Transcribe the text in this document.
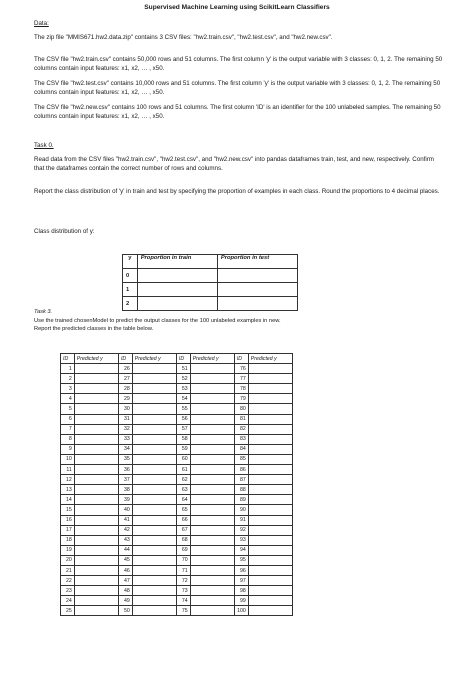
Supervised Machine Learning using ScikitLearn Classifiers
Data:
The zip file "MMIS671.hw2.data.zip" contains 3 CSV files: "hw2.train.csv", "hw2.test.csv", and "hw2.new.csv".
The CSV file "hw2.train.csv" contains 50,000 rows and 51 columns. The first column 'y' is the output variable with 3 classes: 0, 1, 2. The remaining 50 columns contain input features: x1, x2, … , x50.
The CSV file "hw2.test.csv" contains 10,000 rows and 51 columns. The first column 'y' is the output variable with 3 classes: 0, 1, 2. The remaining 50 columns contain input features: x1, x2, … , x50.
The CSV file "hw2.new.csv" contains 100 rows and 51 columns. The first column 'ID' is an identifier for the 100 unlabeled samples. The remaining 50 columns contain input features: x1, x2, … , x50.
Task 0.
Read data from the CSV files "hw2.train.csv", "hw2.test.csv", and "hw2.new.csv" into pandas dataframes train, test, and new, respectively. Confirm that the dataframes contain the correct number of rows and columns.
Report the class distribution of 'y' in train and test by specifying the proportion of examples in each class. Round the proportions to 4 decimal places.
Class distribution of y:
y	Proportion in train	Proportion in test
0		
1		
2		
Task 3.
Use the trained chosenModel to predict the output classes for the 100 unlabeled examples in new.
Report the predicted classes in the table below.
ID	Predicted y	ID	Predicted y	ID	Predicted y	ID	Predicted y
1		26		51		76	
2		27		52		77	
3		28		53		78	
4		29		54		79	
5		30		55		80	
6		31		56		81	
7		32		57		82	
8		33		58		83	
9		34		59		84	
10		35		60		85	
11		36		61		86	
12		37		62		87	
13		38		63		88	
14		39		64		89	
15		40		65		90	
16		41		66		91	
17		42		67		92	
18		43		68		93	
19		44		69		94	
20		45		70		95	
21		46		71		96	
22		47		72		97	
23		48		73		98	
24		49		74		99	
25		50		75		100	
